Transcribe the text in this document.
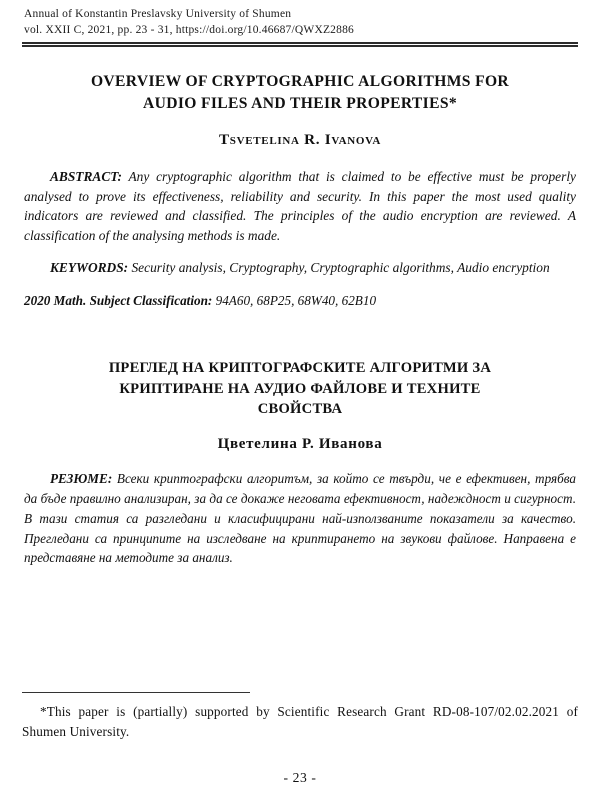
Annual of Konstantin Preslavsky University of Shumen
vol. XXII C, 2021, pp. 23 - 31, https://doi.org/10.46687/QWXZ2886
OVERVIEW OF CRYPTOGRAPHIC ALGORITHMS FOR
AUDIO FILES AND THEIR PROPERTIES*
Tsvetelina R. Ivanova
ABSTRACT: Any cryptographic algorithm that is claimed to be effective must be properly analysed to prove its effectiveness, reliability and security. In this paper the most used quality indicators are reviewed and classified. The principles of the audio encryption are reviewed. A classification of the analysing methods is made.
KEYWORDS: Security analysis, Cryptography, Cryptographic algorithms, Audio encryption
2020 Math. Subject Classification: 94A60, 68P25, 68W40, 62B10
ПРЕГЛЕД НА КРИПТОГРАФСКИТЕ АЛГОРИТМИ ЗА
КРИПТИРАНЕ НА АУДИО ФАЙЛОВЕ И ТЕХНИТЕ
СВОЙСТВА
Цветелина Р. Иванова
РЕЗЮМЕ: Всеки криптографски алгоритъм, за който се твърди, че е ефективен, трябва да бъде правилно анализиран, за да се докаже неговата ефективност, надеждност и сигурност. В тази статия са разгледани и класифицирани най-използваните показатели за качество. Прегледани са принципите на изследване на криптирането на звукови файлове. Направена е представяне на методите за анализ.
*This paper is (partially) supported by Scientific Research Grant RD-08-107/02.02.2021 of Shumen University.
- 23 -
